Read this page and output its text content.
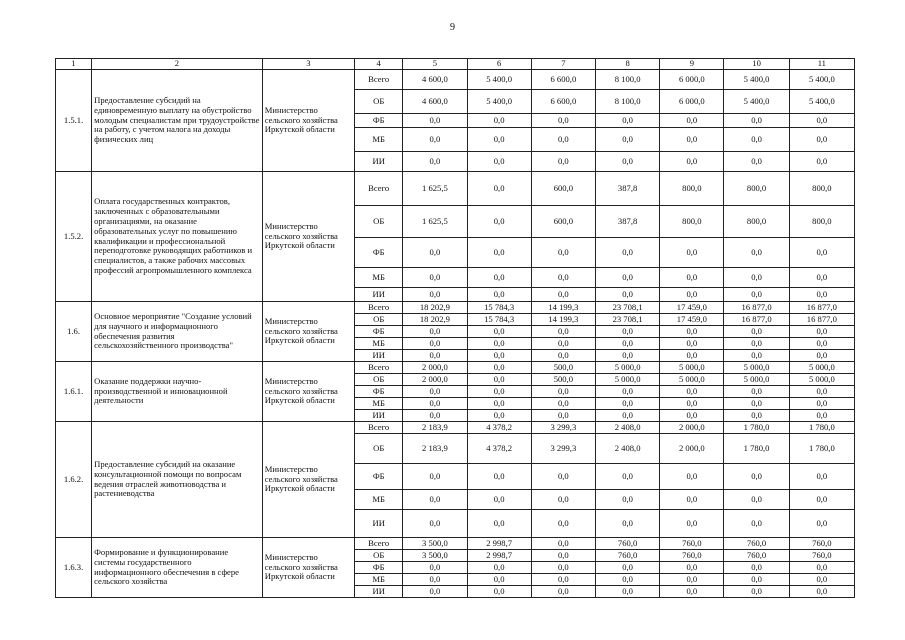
9
1	2	3	4	5	6	7	8	9	10	11
1.5.1.	Предоставление субсидий на единовременную выплату на обустройство молодым специалистам при трудоустройстве на работу, с учетом налога на доходы физических лиц	Министерство сельского хозяйства Иркутской области	Всего	4 600,0	5 400,0	6 600,0	8 100,0	6 000,0	5 400,0	5 400,0
			ОБ	4 600,0	5 400,0	6 600,0	8 100,0	6 000,0	5 400,0	5 400,0
			ФБ	0,0	0,0	0,0	0,0	0,0	0,0	0,0
			МБ	0,0	0,0	0,0	0,0	0,0	0,0	0,0
			ИИ	0,0	0,0	0,0	0,0	0,0	0,0	0,0
1.5.2.	Оплата государственных контрактов, заключенных с образовательными организациями, на оказание образовательных услуг по повышению квалификации и профессиональной переподготовке руководящих работников и специалистов, а также рабочих массовых профессий агропромышленного комплекса	Министерство сельского хозяйства Иркутской области	Всего	1 625,5	0,0	600,0	387,8	800,0	800,0	800,0
			ОБ	1 625,5	0,0	600,0	387,8	800,0	800,0	800,0
			ФБ	0,0	0,0	0,0	0,0	0,0	0,0	0,0
			МБ	0,0	0,0	0,0	0,0	0,0	0,0	0,0
			ИИ	0,0	0,0	0,0	0,0	0,0	0,0	0,0
1.6.	Основное мероприятие "Создание условий для научного и информационного обеспечения развития сельскохозяйственного производства"	Министерство сельского хозяйства Иркутской области	Всего	18 202,9	15 784,3	14 199,3	23 708,1	17 459,0	16 877,0	16 877,0
			ОБ	18 202,9	15 784,3	14 199,3	23 708,1	17 459,0	16 877,0	16 877,0
			ФБ	0,0	0,0	0,0	0,0	0,0	0,0	0,0
			МБ	0,0	0,0	0,0	0,0	0,0	0,0	0,0
			ИИ	0,0	0,0	0,0	0,0	0,0	0,0	0,0
1.6.1.	Оказание поддержки научно-производственной и инновационной деятельности	Министерство сельского хозяйства Иркутской области	Всего	2 000,0	0,0	500,0	5 000,0	5 000,0	5 000,0	5 000,0
			ОБ	2 000,0	0,0	500,0	5 000,0	5 000,0	5 000,0	5 000,0
			ФБ	0,0	0,0	0,0	0,0	0,0	0,0	0,0
			МБ	0,0	0,0	0,0	0,0	0,0	0,0	0,0
			ИИ	0,0	0,0	0,0	0,0	0,0	0,0	0,0
1.6.2.	Предоставление субсидий на оказание консультационной помощи по вопросам ведения отраслей животноводства и растениеводства	Министерство сельского хозяйства Иркутской области	Всего	2 183,9	4 378,2	3 299,3	2 408,0	2 000,0	1 780,0	1 780,0
			ОБ	2 183,9	4 378,2	3 299,3	2 408,0	2 000,0	1 780,0	1 780,0
			ФБ	0,0	0,0	0,0	0,0	0,0	0,0	0,0
			МБ	0,0	0,0	0,0	0,0	0,0	0,0	0,0
			ИИ	0,0	0,0	0,0	0,0	0,0	0,0	0,0
1.6.3.	Формирование и функционирование системы государственного информационного обеспечения в сфере сельского хозяйства	Министерство сельского хозяйства Иркутской области	Всего	3 500,0	2 998,7	0,0	760,0	760,0	760,0	760,0
			ОБ	3 500,0	2 998,7	0,0	760,0	760,0	760,0	760,0
			ФБ	0,0	0,0	0,0	0,0	0,0	0,0	0,0
			МБ	0,0	0,0	0,0	0,0	0,0	0,0	0,0
			ИИ	0,0	0,0	0,0	0,0	0,0	0,0	0,0
